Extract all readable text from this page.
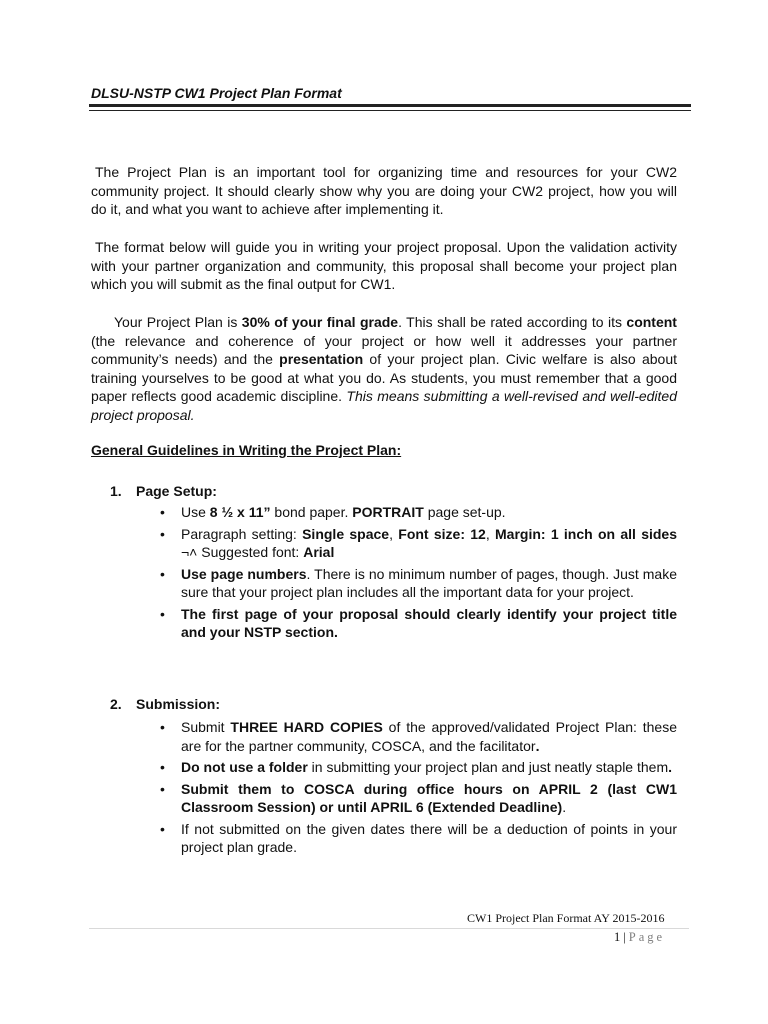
DLSU-NSTP CW1 Project Plan Format

The Project Plan is an important tool for organizing time and resources for your CW2 community project. It should clearly show why you are doing your CW2 project, how you will do it, and what you want to achieve after implementing it.

The format below will guide you in writing your project proposal. Upon the validation activity with your partner organization and community, this proposal shall become your project plan which you will submit as the final output for CW1.

Your Project Plan is 30% of your final grade. This shall be rated according to its content (the relevance and coherence of your project or how well it addresses your partner community’s needs) and the presentation of your project plan. Civic welfare is also about training yourselves to be good at what you do. As students, you must remember that a good paper reflects good academic discipline. This means submitting a well-revised and well-edited project proposal.

General Guidelines in Writing the Project Plan:

1. Page Setup:

•	Use 8 ½ x 11” bond paper. PORTRAIT page set-up.
•	Paragraph setting: Single space, Font size: 12, Margin: 1 inch on all sides ¬˄ Suggested font: Arial
•	Use page numbers. There is no minimum number of pages, though. Just make sure that your project plan includes all the important data for your project.
•	The first page of your proposal should clearly identify your project title and your NSTP section.

2. Submission:

•	Submit THREE HARD COPIES of the approved/validated Project Plan: these are for the partner community, COSCA, and the facilitator.
•	Do not use a folder in submitting your project plan and just neatly staple them.
•	Submit them to COSCA during office hours on APRIL 2 (last CW1 Classroom Session) or until APRIL 6 (Extended Deadline).
•	If not submitted on the given dates there will be a deduction of points in your project plan grade.

CW1 Project Plan Format AY 2015-2016

1 | Page
